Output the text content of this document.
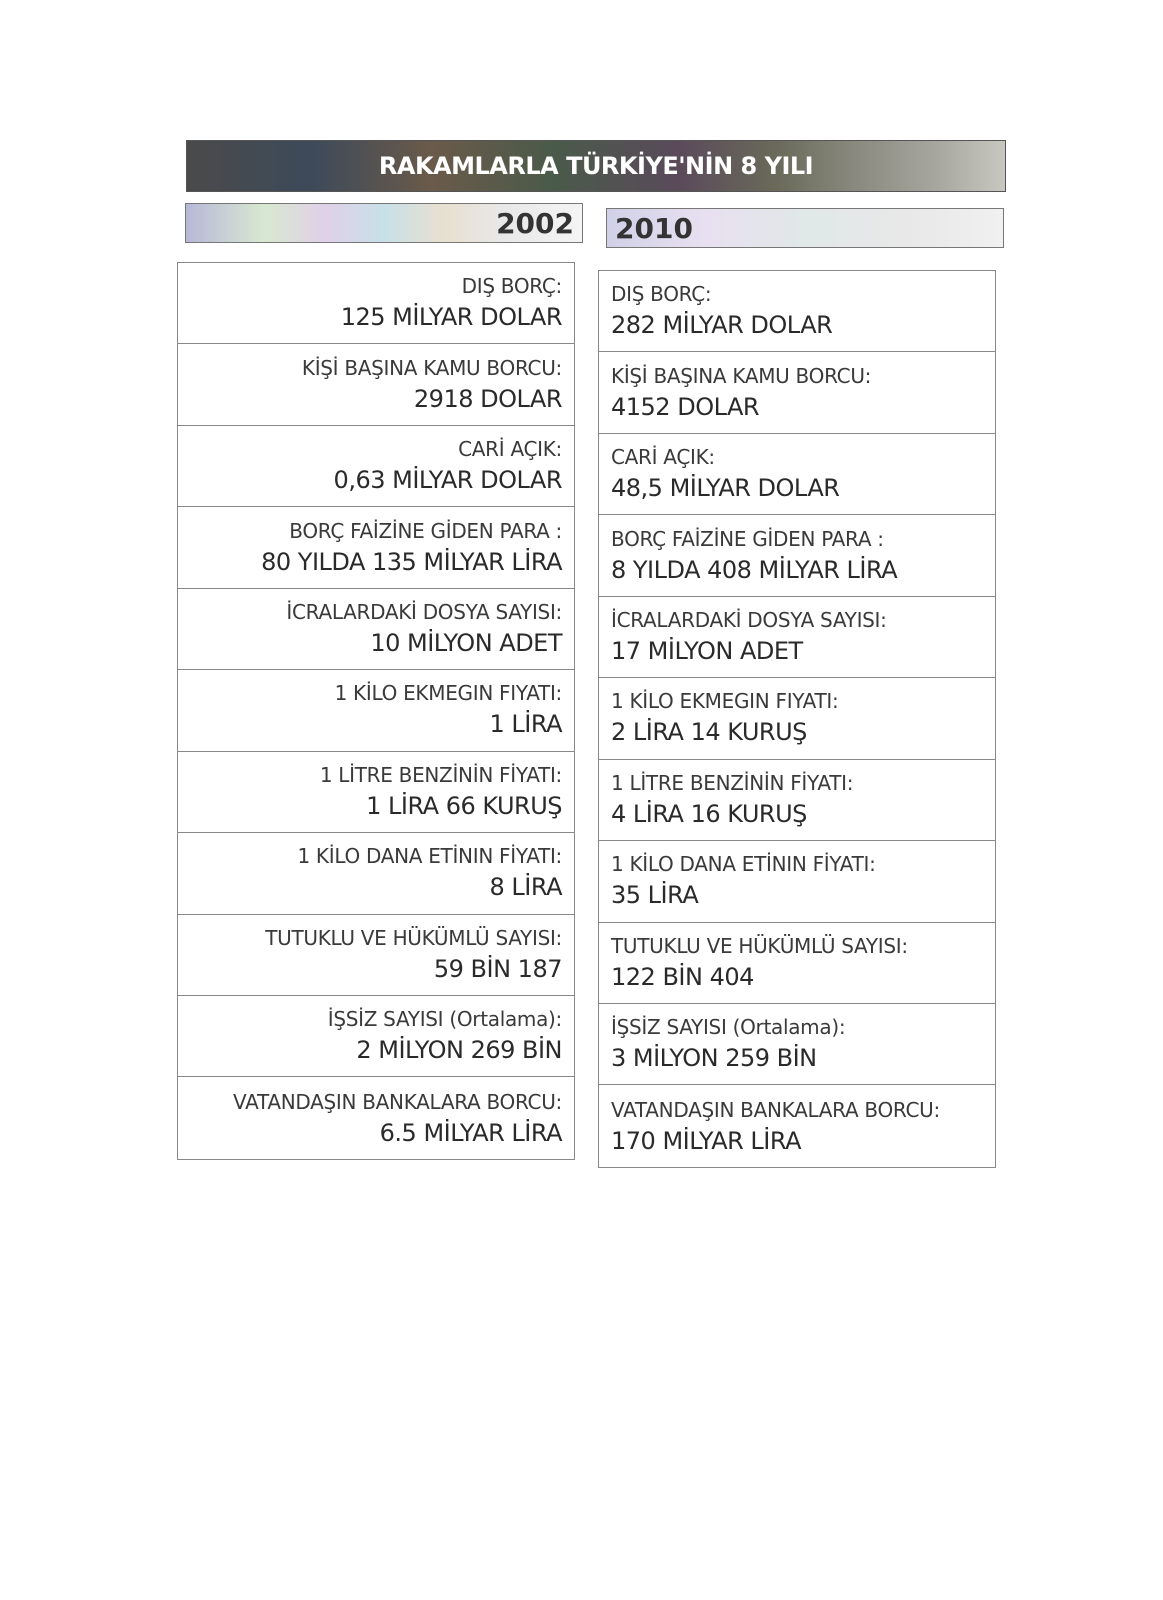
RAKAMLARLA TÜRKİYE'NİN 8 YILI
2002	2010
DIŞ BORÇ:
125 MİLYAR DOLAR
KİŞİ BAŞINA KAMU BORCU:
2918 DOLAR
CARİ AÇIK:
0,63 MİLYAR DOLAR
BORÇ FAİZİNE GİDEN PARA :
80 YILDA 135 MİLYAR LİRA
İCRALARDAKİ DOSYA SAYISI:
10 MİLYON ADET
1 KİLO EKMEGIN FIYATI:
1 LİRA
1 LİTRE BENZİNİN FİYATI:
1 LİRA 66 KURUŞ
1 KİLO DANA ETİNIN FİYATI:
8 LİRA
TUTUKLU VE HÜKÜMLÜ SAYISI:
59 BİN 187
İŞSİZ SAYISI (Ortalama):
2 MİLYON 269 BİN
VATANDAŞIN BANKALARA BORCU:
6.5 MİLYAR LİRA
DIŞ BORÇ:
282 MİLYAR DOLAR
KİŞİ BAŞINA KAMU BORCU:
4152 DOLAR
CARİ AÇIK:
48,5 MİLYAR DOLAR
BORÇ FAİZİNE GİDEN PARA :
8 YILDA 408 MİLYAR LİRA
İCRALARDAKİ DOSYA SAYISI:
17 MİLYON ADET
1 KİLO EKMEGIN FIYATI:
2 LİRA 14 KURUŞ
1 LİTRE BENZİNİN FİYATI:
4 LİRA 16 KURUŞ
1 KİLO DANA ETİNIN FİYATI:
35 LİRA
TUTUKLU VE HÜKÜMLÜ SAYISI:
122 BİN 404
İŞSİZ SAYISI (Ortalama):
3 MİLYON 259 BİN
VATANDAŞIN BANKALARA BORCU:
170 MİLYAR LİRA
